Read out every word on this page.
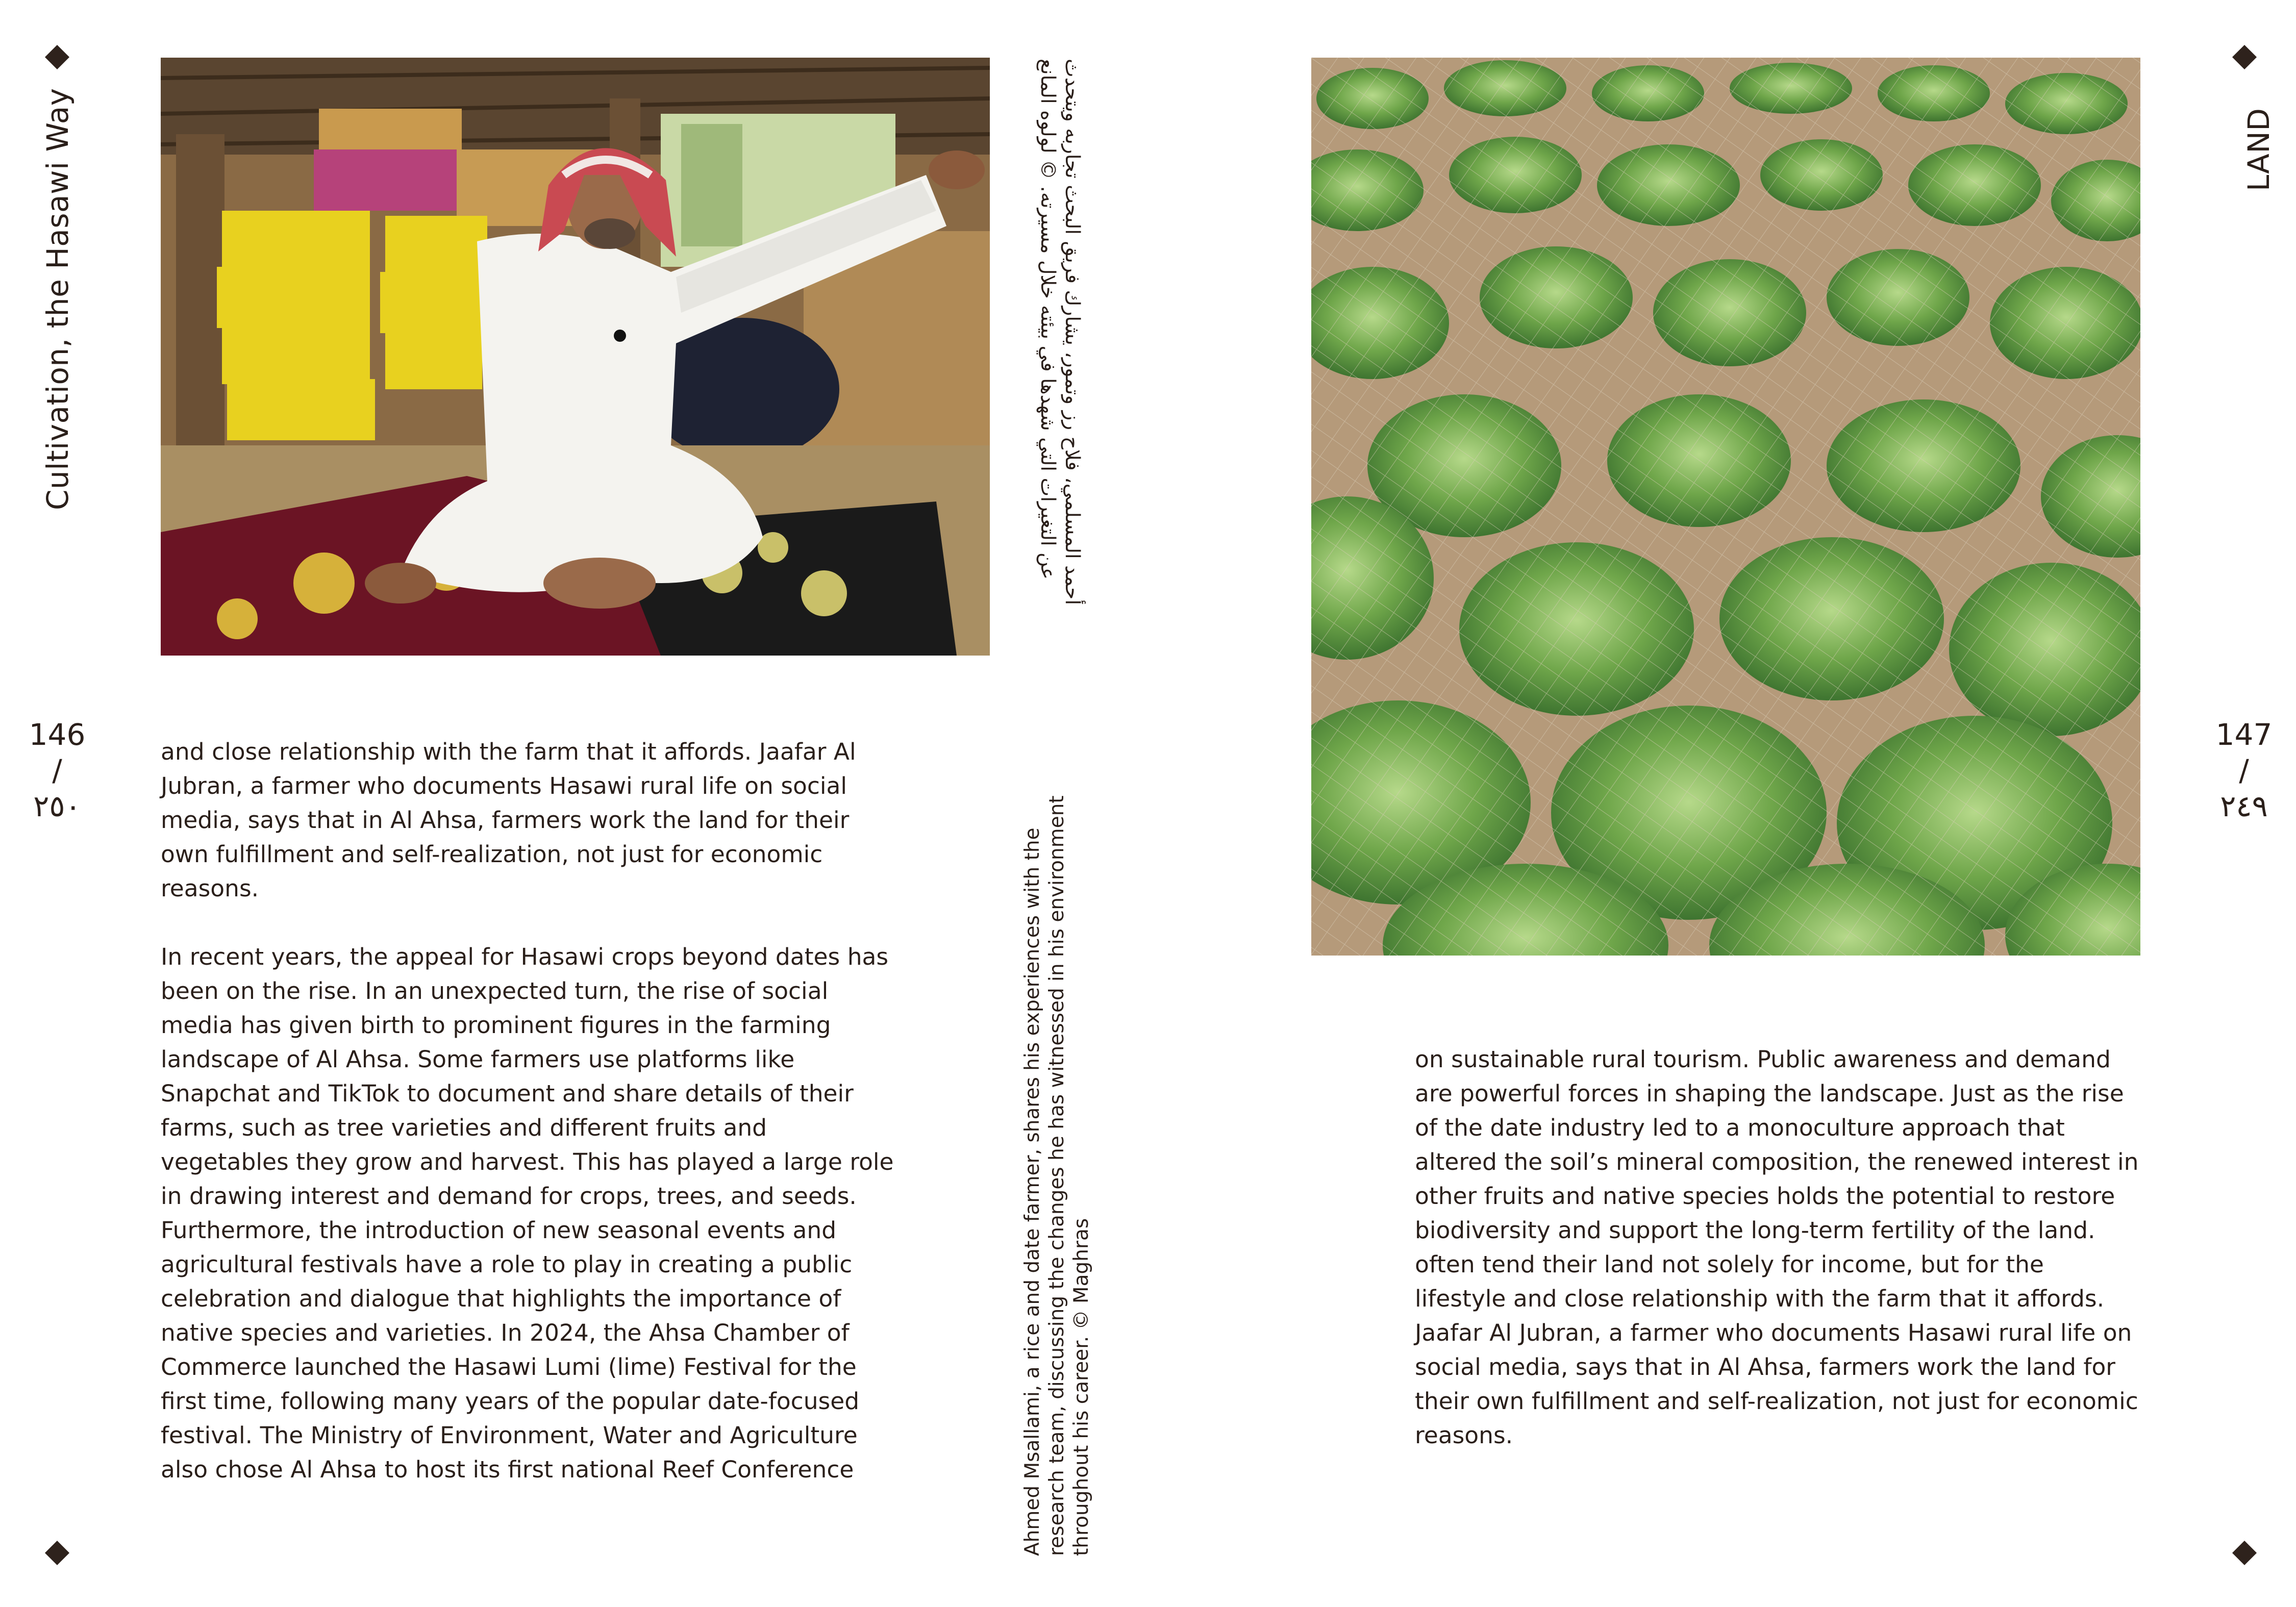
Cultivation, the Hasawi Way
146
/
٢٥٠

and close relationship with the farm that it affords. Jaafar Al Jubran, a farmer who documents Hasawi rural life on social media, says that in Al Ahsa, farmers work the land for their own fulfillment and self-realization, not just for economic reasons.

In recent years, the appeal for Hasawi crops beyond dates has been on the rise. In an unexpected turn, the rise of social media has given birth to prominent figures in the farming landscape of Al Ahsa. Some farmers use platforms like Snapchat and TikTok to document and share details of their farms, such as tree varieties and different fruits and vegetables they grow and harvest. This has played a large role in drawing interest and demand for crops, trees, and seeds. Furthermore, the introduction of new seasonal events and agricultural festivals have a role to play in creating a public celebration and dialogue that highlights the importance of native species and varieties. In 2024, the Ahsa Chamber of Commerce launched the Hasawi Lumi (lime) Festival for the first time, following many years of the popular date-focused festival. The Ministry of Environment, Water and Agriculture also chose Al Ahsa to host its first national Reef Conference	Ahmed Msallami, a rice and date farmer, shares his experiences with the research team, discussing the changes he has witnessed in his environment throughout his career. © Maghras
أحمد المسلمي، فلاح رز وتمور، يشارك فريق البحث تجاربه ويتحدث
عن التغيرات التي شهدها في بيئته خلال مسيرته. © لولوه المانع	LAND
147
/
٢٤٩

on sustainable rural tourism. Public awareness and demand are powerful forces in shaping the landscape. Just as the rise of the date industry led to a monoculture approach that altered the soil’s mineral composition, the renewed interest in other fruits and native species holds the potential to restore biodiversity and support the long-term fertility of the land. often tend their land not solely for income, but for the lifestyle and close relationship with the farm that it affords. Jaafar Al Jubran, a farmer who documents Hasawi rural life on social media, says that in Al Ahsa, farmers work the land for their own fulfillment and self-realization, not just for economic reasons.
